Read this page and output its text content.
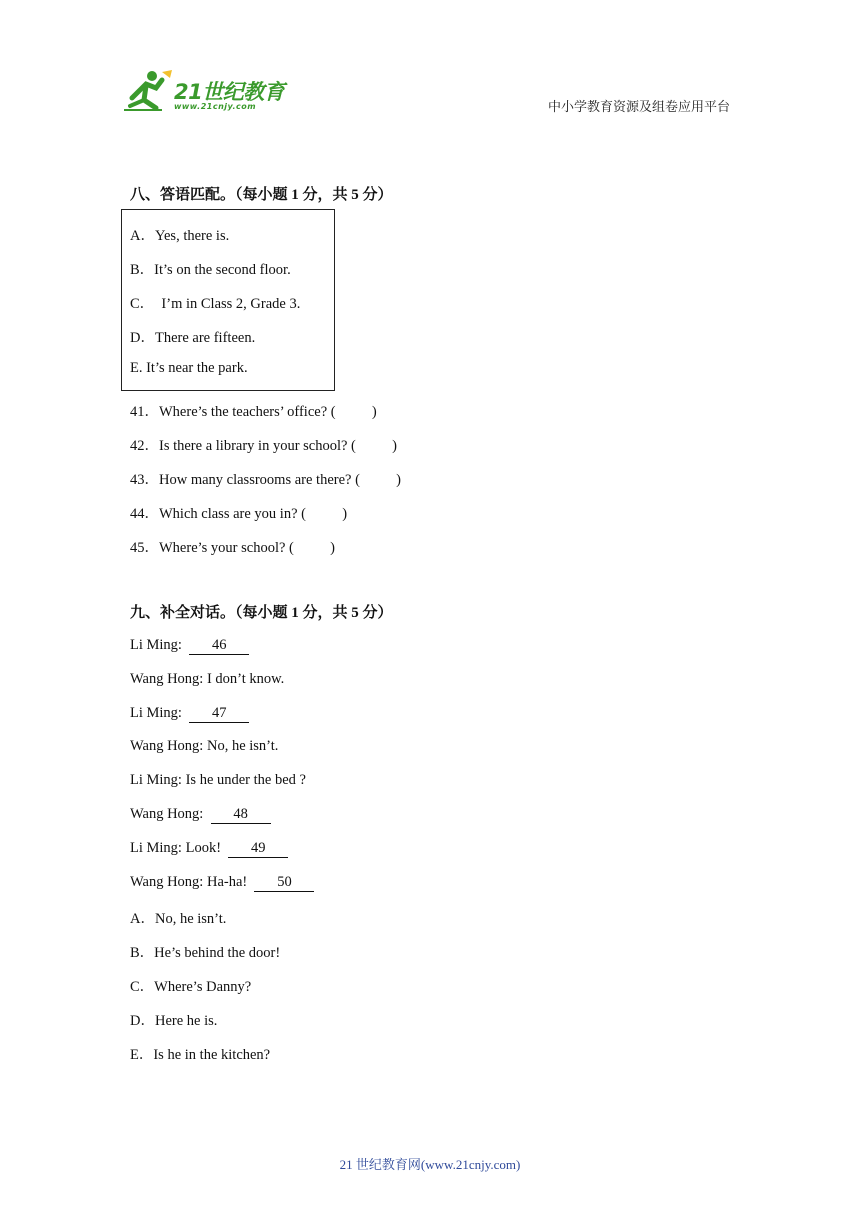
21世纪教育
www.21cnjy.com	中小学教育资源及组卷应用平台
八、答语匹配。（每小题 1 分，共 5 分）
A．Yes, there is.
B．It’s on the second floor.
C．  I’m in Class 2, Grade 3.
D．There are fifteen.
E. It’s near the park.
41．Where’s the teachers’ office? (          )
42．Is there a library in your school? (          )
43．How many classrooms are there? (          )
44．Which class are you in? (          )
45．Where’s your school? (          )
九、补全对话。（每小题 1 分，共 5 分）
Li Ming: 46
Wang Hong: I don’t know.
Li Ming: 47
Wang Hong: No, he isn’t.
Li Ming: Is he under the bed ?
Wang Hong: 48
Li Ming: Look! 49
Wang Hong: Ha-ha! 50
A．No, he isn’t.
B．He’s behind the door!
C．Where’s Danny?
D．Here he is.
E．Is he in the kitchen?
21 世纪教育网(www.21cnjy.com)
